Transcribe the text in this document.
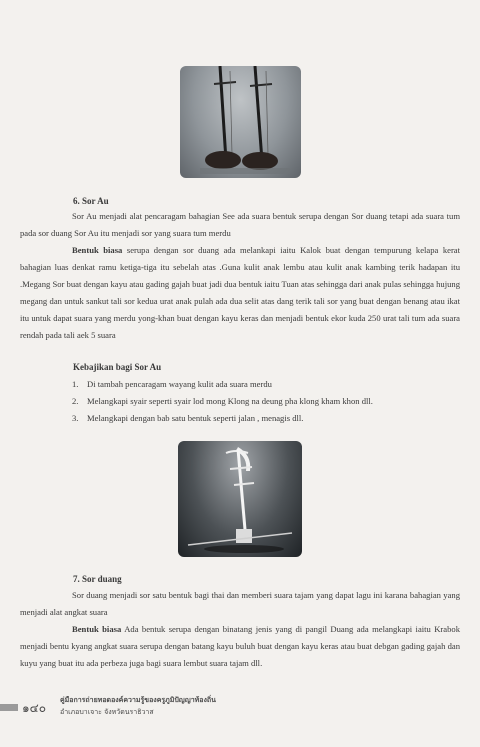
6. Sor Au

Sor Au menjadi alat pencaragam bahagian See ada suara bentuk serupa dengan Sor duang tetapi ada suara tum pada sor duang Sor Au itu menjadi sor yang suara tum merdu

Bentuk biasa serupa dengan sor duang ada melankapi iaitu Kalok buat dengan tempurung kelapa kerat bahagian luas denkat ramu ketiga-tiga itu sebelah atas .Guna kulit anak lembu atau kulit anak kambing terik hadapan itu .Megang Sor buat dengan kayu atau gading gajah buat jadi dua bentuk iaitu Tuan atas sehingga dari anak pulas sehingga hujung megang dan untuk sankut tali sor kedua urat anak pulah ada dua selit atas dang terik tali sor yang buat dengan benang atau ikat itu untuk dapat suara yang merdu yong-khan buat dengan kayu keras dan menjadi bentuk ekor kuda 250 urat tali tum ada suara rendah pada tali aek 5 suara

Kebajikan bagi Sor Au
1. Di tambah pencaragam wayang kulit ada suara merdu
2. Melangkapi syair seperti syair lod mong Klong na deung pha klong kham khon dll.
3. Melangkapi dengan bab satu bentuk seperti jalan , menagis dll.
7. Sor duang

Sor duang menjadi sor satu bentuk bagi thai dan memberi suara tajam yang dapat lagu ini karana bahagian yang menjadi alat angkat suara

Bentuk biasa Ada bentuk serupa dengan binatang jenis yang di pangil Duang ada melangkapi iaitu Krabok menjadi bentu kyang angkat suara serupa dengan batang kayu buluh buat dengan kayu keras atau buat debgan gading gajah dan kuyu yang buat itu ada perbeza juga bagi suara lembut suara tajam dll.

๑๔๐
คู่มือการถ่ายทอดองค์ความรู้ของครูภูมิปัญญาท้องถิ่น
อำเภอบาเจาะ จังหวัดนราธิวาส
